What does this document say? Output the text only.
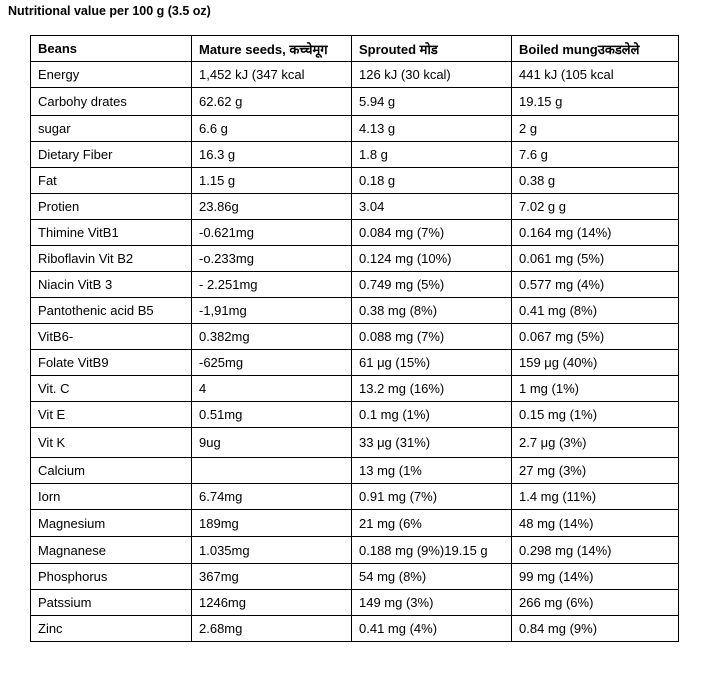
Nutritional value per 100 g (3.5 oz)
Beans	Mature seeds, कच्चेमूग	Sprouted मोड	Boiled mungउकडलेले
Energy	1,452 kJ (347 kcal	126 kJ (30 kcal)	441 kJ (105 kcal
Carbohy drates	62.62 g	5.94 g	19.15 g
sugar	6.6 g	4.13 g	2 g
Dietary Fiber	16.3 g	1.8 g	7.6 g
Fat	1.15 g	0.18 g	0.38 g
Protien	23.86g	3.04	7.02 g g
Thimine VitB1	-0.621mg	0.084 mg (7%)	0.164 mg (14%)
Riboflavin Vit B2	-o.233mg	0.124 mg (10%)	0.061 mg (5%)
Niacin VitB 3	- 2.251mg	0.749 mg (5%)	0.577 mg (4%)
Pantothenic acid B5	-1,91mg	0.38 mg (8%)	0.41 mg (8%)
VitB6-	0.382mg	0.088 mg (7%)	0.067 mg (5%)
Folate VitB9	-625mg	61 μg (15%)	159 μg (40%)
Vit. C	4	13.2 mg (16%)	1 mg (1%)
Vit E	0.51mg	0.1 mg (1%)	0.15 mg (1%)
Vit K	9ug	33 μg (31%)	2.7 μg (3%)
Calcium		13 mg (1%	27 mg (3%)
Iorn	6.74mg	0.91 mg (7%)	1.4 mg (11%)
Magnesium	189mg	21 mg (6%	48 mg (14%)
Magnanese	1.035mg	0.188 mg (9%)19.15 g	0.298 mg (14%)
Phosphorus	367mg	54 mg (8%)	99 mg (14%)
Patssium	1246mg	149 mg (3%)	266 mg (6%)
Zinc	2.68mg	0.41 mg (4%)	0.84 mg (9%)
